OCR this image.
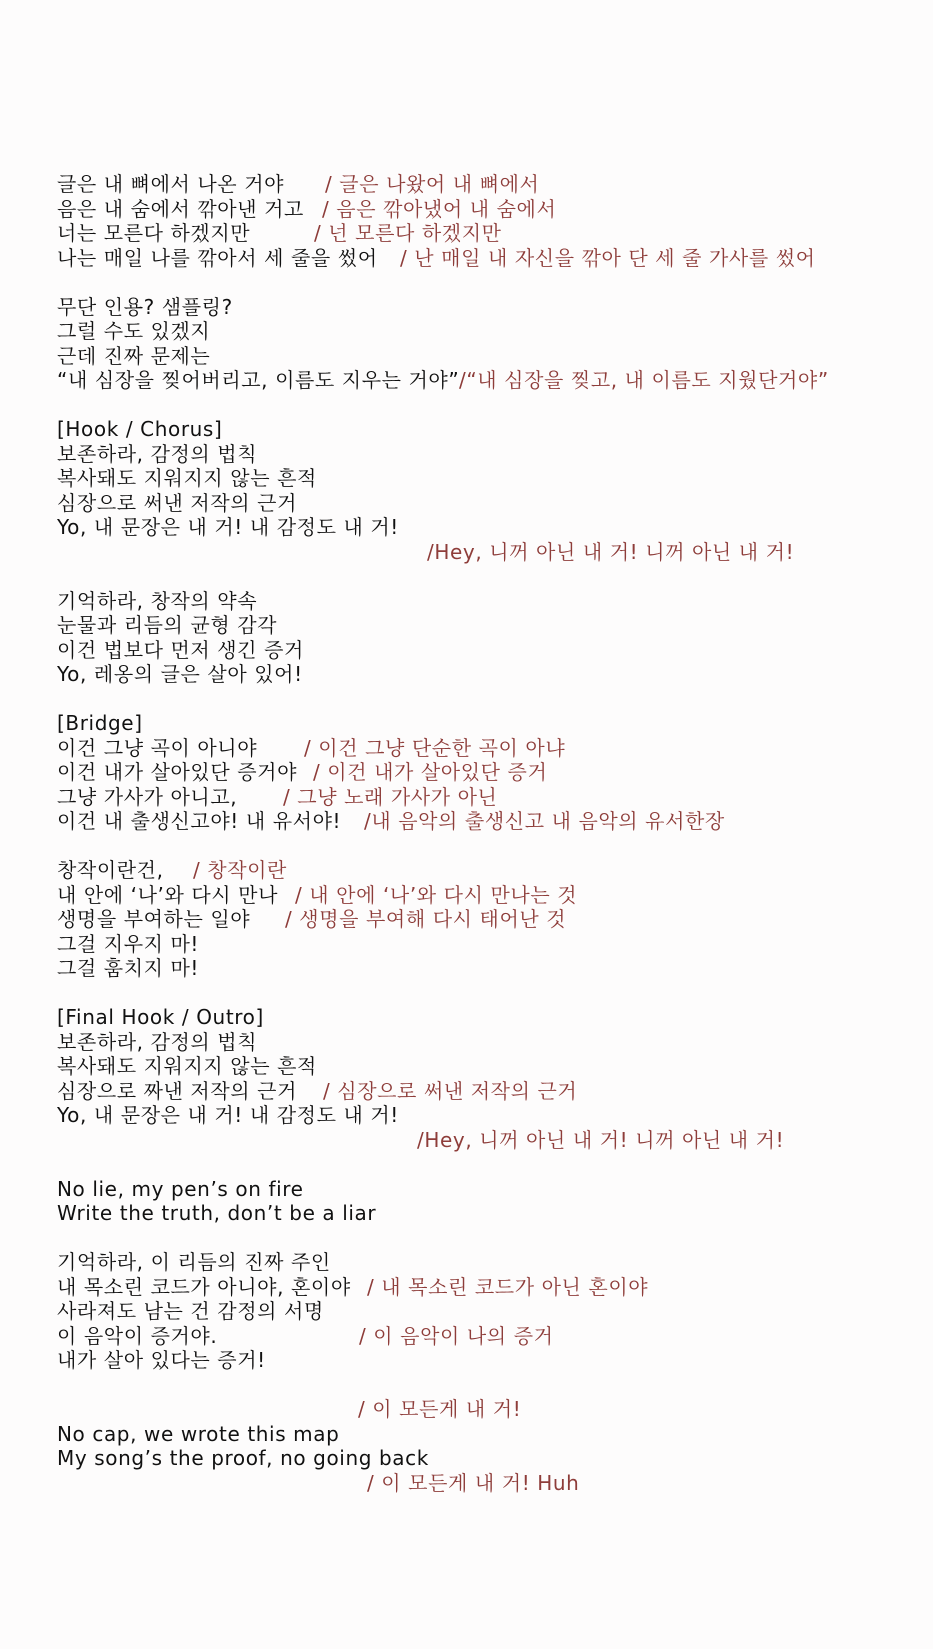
글은 내 뼈에서 나온 거야 / 글은 나왔어 내 뼈에서
음은 내 숨에서 깎아낸 거고 / 음은 깎아냈어 내 숨에서
너는 모른다 하겠지만	/ 넌 모른다 하겠지만
나는 매일 나를 깎아서 세 줄을 썼어 / 난 매일 내 자신을 깎아 단 세 줄 가사를 썼어
무단 인용? 샘플링?
그럴 수도 있겠지
근데 진짜 문제는
“내 심장을 찢어버리고, 이름도 지우는 거야” /“내 심장을 찢고, 내 이름도 지웠단거야”
[Hook / Chorus]
보존하라, 감정의 법칙
복사돼도 지워지지 않는 흔적
심장으로 써낸 저작의 근거
Yo, 내 문장은 내 거! 내 감정도 내 거!
/Hey, 니꺼 아닌 내 거! 니꺼 아닌 내 거!
기억하라, 창작의 약속
눈물과 리듬의 균형 감각
이건 법보다 먼저 생긴 증거
Yo, 레옹의 글은 살아 있어!
[Bridge]
이건 그냥 곡이 아니야 / 이건 그냥 단순한 곡이 아냐
이건 내가 살아있단 증거야 / 이건 내가 살아있단 증거
그냥 가사가 아니고, / 그냥 노래 가사가 아닌
이건 내 출생신고야! 내 유서야! /내 음악의 출생신고 내 음악의 유서한장
창작이란건, / 창작이란
내 안에 ‘나’와 다시 만나 / 내 안에 ‘나’와 다시 만나는 것
생명을 부여하는 일야 / 생명을 부여해 다시 태어난 것
그걸 지우지 마!
그걸 훔치지 마!
[Final Hook / Outro]
보존하라, 감정의 법칙
복사돼도 지워지지 않는 흔적
심장으로 짜낸 저작의 근거 / 심장으로 써낸 저작의 근거
Yo, 내 문장은 내 거! 내 감정도 내 거!
/Hey, 니꺼 아닌 내 거! 니꺼 아닌 내 거!
No lie, my pen’s on fire
Write the truth, don’t be a liar
기억하라, 이 리듬의 진짜 주인
내 목소린 코드가 아니야, 혼이야 / 내 목소린 코드가 아닌 혼이야
사라져도 남는 건 감정의 서명
이 음악이 증거야.	/ 이 음악이 나의 증거
내가 살아 있다는 증거!
/ 이 모든게 내 거!
No cap, we wrote this map
My song’s the proof, no going back
/ 이 모든게 내 거! Huh
